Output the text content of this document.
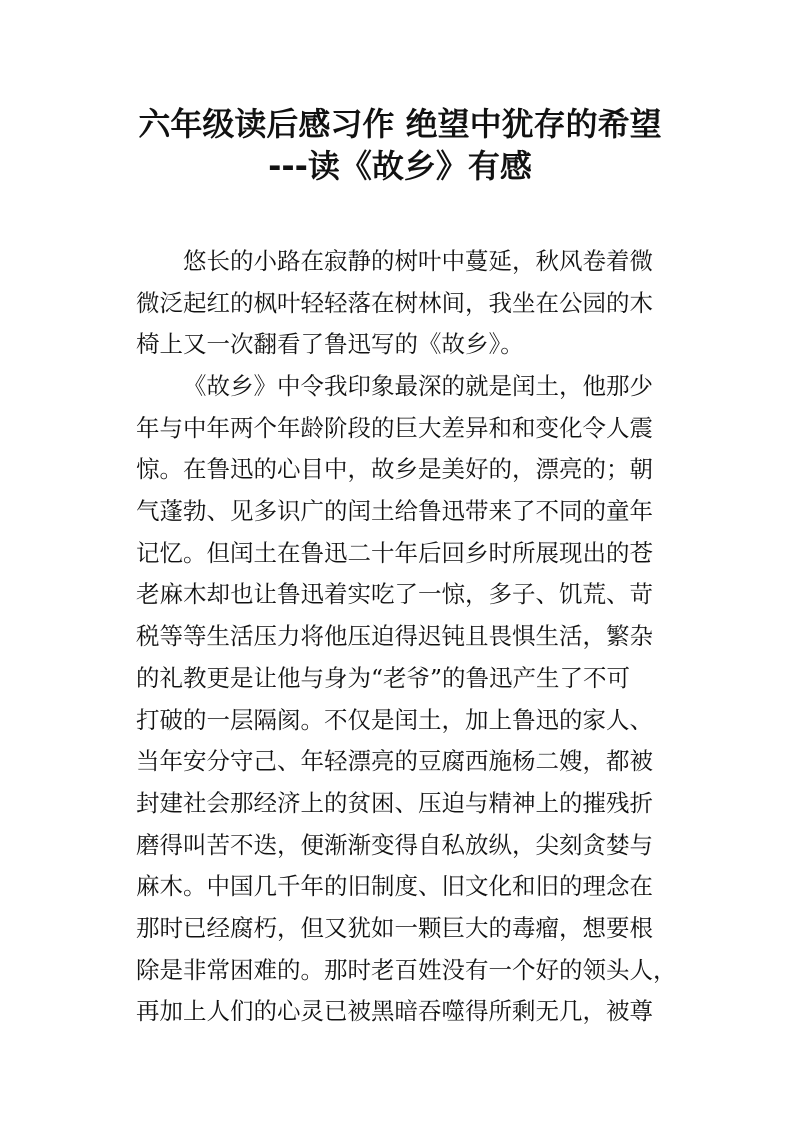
六年级读后感习作 绝望中犹存的希望
---读《故乡》有感
悠长的小路在寂静的树叶中蔓延，秋风卷着微
微泛起红的枫叶轻轻落在树林间，我坐在公园的木
椅上又一次翻看了鲁迅写的《故乡》。
《故乡》中令我印象最深的就是闰土，他那少
年与中年两个年龄阶段的巨大差异和和变化令人震
惊。在鲁迅的心目中，故乡是美好的，漂亮的；朝
气蓬勃、见多识广的闰土给鲁迅带来了不同的童年
记忆。但闰土在鲁迅二十年后回乡时所展现出的苍
老麻木却也让鲁迅着实吃了一惊，多子、饥荒、苛
税等等生活压力将他压迫得迟钝且畏惧生活，繁杂
的礼教更是让他与身为“老爷”的鲁迅产生了不可
打破的一层隔阂。不仅是闰土，加上鲁迅的家人、
当年安分守己、年轻漂亮的豆腐西施杨二嫂，都被
封建社会那经济上的贫困、压迫与精神上的摧残折
磨得叫苦不迭，便渐渐变得自私放纵，尖刻贪婪与
麻木。中国几千年的旧制度、旧文化和旧的理念在
那时已经腐朽，但又犹如一颗巨大的毒瘤，想要根
除是非常困难的。那时老百姓没有一个好的领头人，
再加上人们的心灵已被黑暗吞噬得所剩无几，被尊
